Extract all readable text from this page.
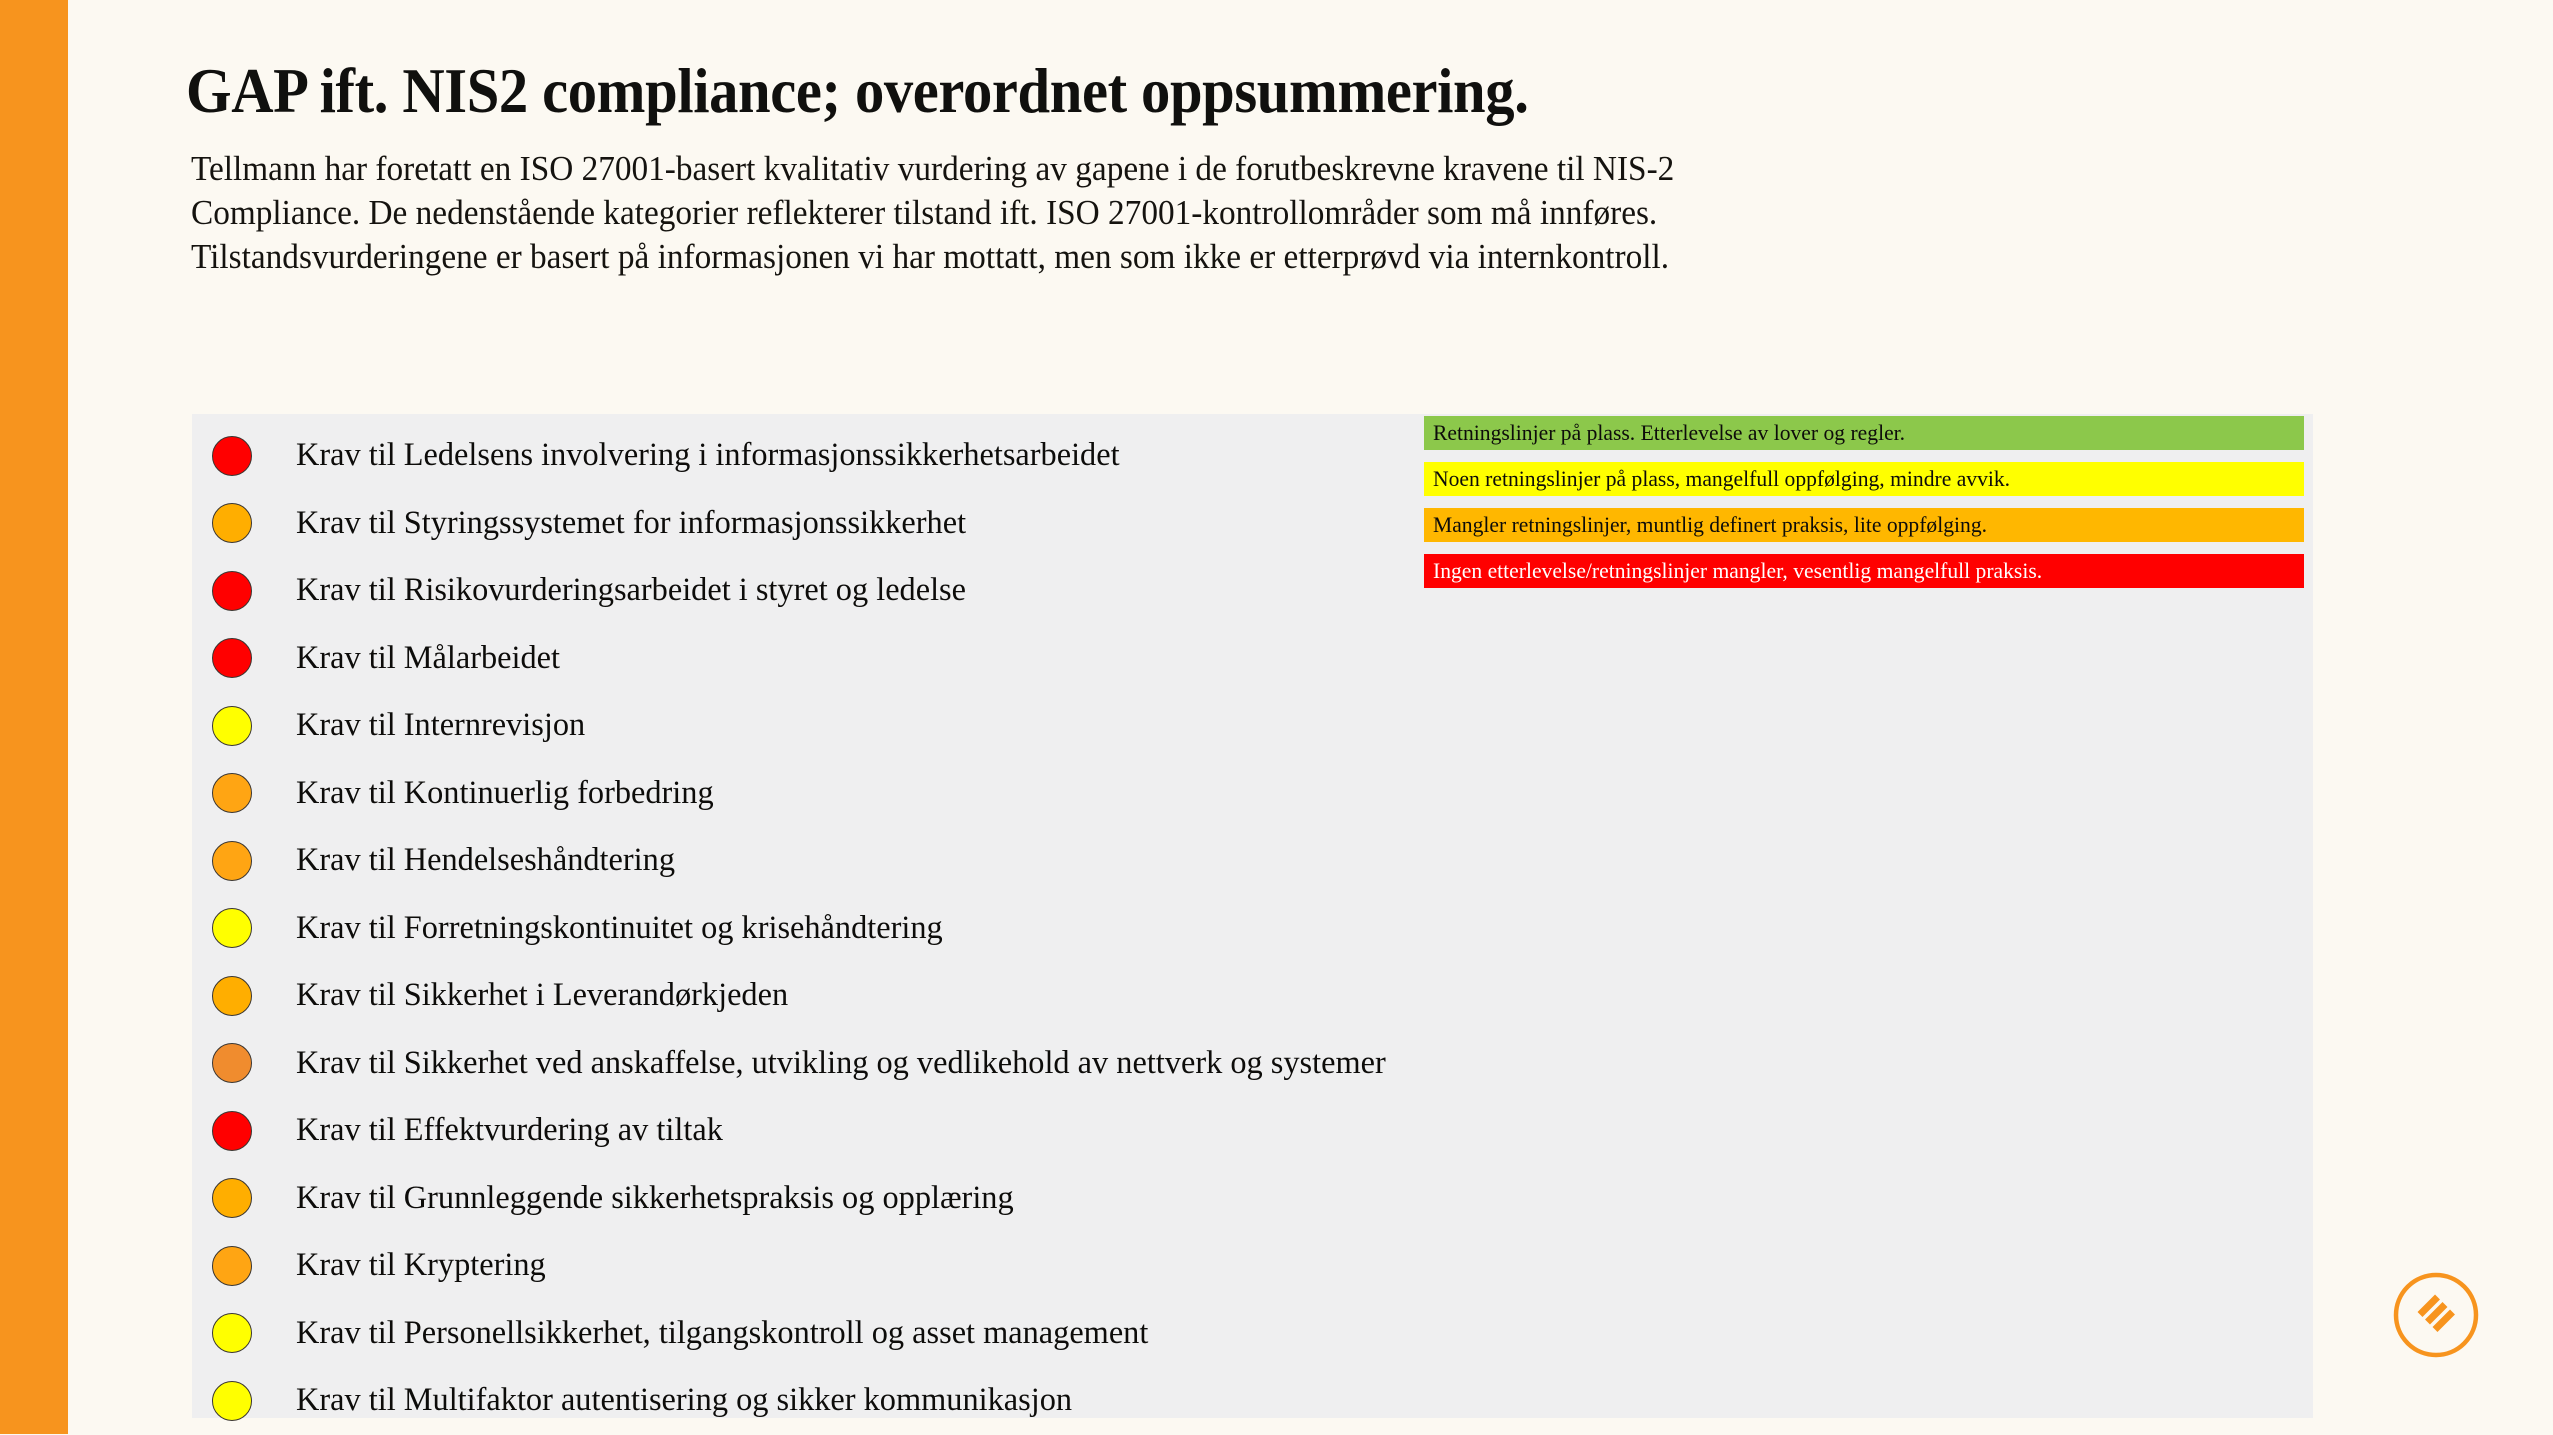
GAP ift. NIS2 compliance; overordnet oppsummering.
Tellmann har foretatt en ISO 27001-basert kvalitativ vurdering av gapene i de forutbeskrevne kravene til NIS-2
Compliance. De nedenstående kategorier reflekterer tilstand ift. ISO 27001-kontrollområder som må innføres.
Tilstandsvurderingene er basert på informasjonen vi har mottatt, men som ikke er etterprøvd via internkontroll.
Krav til Ledelsens involvering i informasjonssikkerhetsarbeidet
Krav til Styringssystemet for informasjonssikkerhet
Krav til Risikovurderingsarbeidet i styret og ledelse
Krav til Målarbeidet
Krav til Internrevisjon
Krav til Kontinuerlig forbedring
Krav til Hendelseshåndtering
Krav til Forretningskontinuitet og krisehåndtering
Krav til Sikkerhet i Leverandørkjeden
Krav til Sikkerhet ved anskaffelse, utvikling og vedlikehold av nettverk og systemer
Krav til Effektvurdering av tiltak
Krav til Grunnleggende sikkerhetspraksis og opplæring
Krav til Kryptering
Krav til Personellsikkerhet, tilgangskontroll og asset management
Krav til Multifaktor autentisering og sikker kommunikasjon
Retningslinjer på plass. Etterlevelse av lover og regler.
Noen retningslinjer på plass, mangelfull oppfølging, mindre avvik.
Mangler retningslinjer, muntlig definert praksis, lite oppfølging.
Ingen etterlevelse/retningslinjer mangler, vesentlig mangelfull praksis.
